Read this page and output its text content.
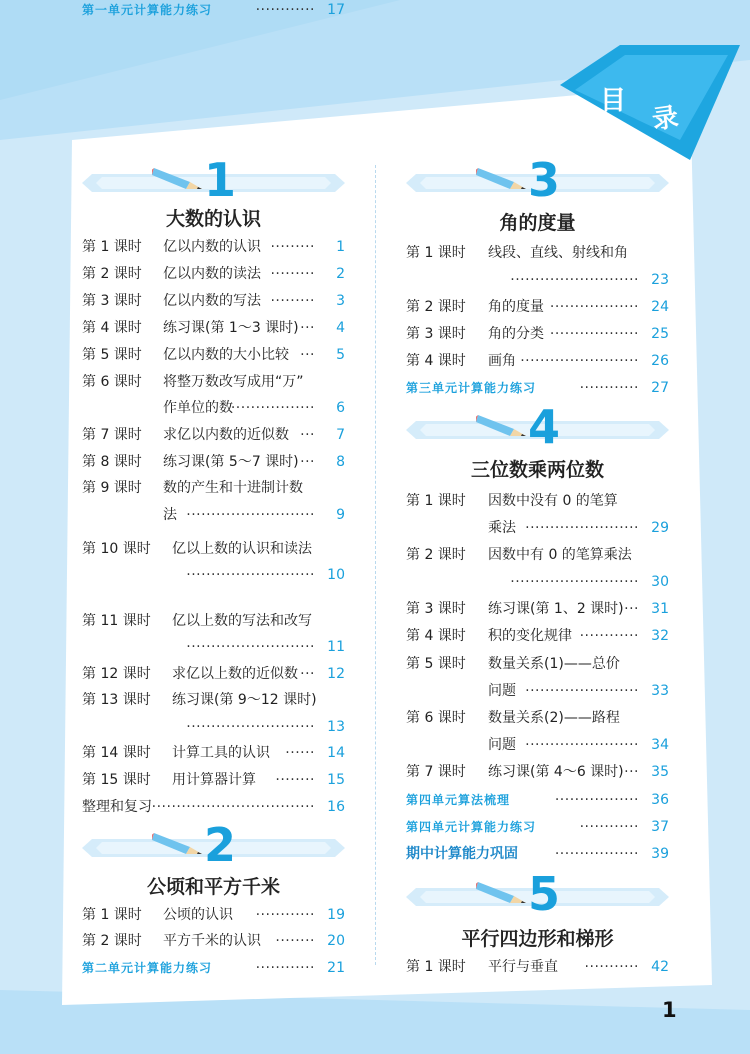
目
录
1
大数的认识
第 1 课时 亿以内数的认识 ·········	1
第 2 课时 亿以内数的读法 ·········	2
第 3 课时 亿以内数的写法 ·········	3
第 4 课时 练习课(第 1～3 课时) ···	4
第 5 课时 亿以内数的大小比较 ···	5
第 6 课时 将整万数改写成用“万”
作单位的数
·················	6
第 7 课时 求亿以内数的近似数 ···	7
第 8 课时 练习课(第 5～7 课时) ···	8
第 9 课时 数的产生和十进制计数
法 ··························	9
第 10 课时 亿以上数的认识和读法
·························· 10
第 11 课时 亿以上数的写法和改写
·························· 11
第 12 课时 求亿以上数的近似数 ··· 12
第 13 课时 练习课(第 9～12 课时)
·························· 13
第 14 课时 计算工具的认识 ······ 14
第 15 课时 用计算器计算 ········ 15
整理和复习 ································· 16
第一单元计算能力练习	············ 17
2
公顷和平方千米
第 1 课时 公顷的认识 ············ 19
第 2 课时 平方千米的认识 ········ 20
第二单元计算能力练习	············ 21
3
角的度量
第 1 课时 线段、直线、射线和角
·························· 23
第 2 课时 角的度量 ·················· 24
第 3 课时 角的分类 ·················· 25
第 4 课时 画角 ························ 26
第三单元计算能力练习	············ 27
4
三位数乘两位数
第 1 课时 因数中没有 0 的笔算
乘法 ······················· 29
第 2 课时 因数中有 0 的笔算乘法
·························· 30
第 3 课时 练习课(第 1、2 课时) ··· 31
第 4 课时 积的变化规律 ············ 32
第 5 课时 数量关系(1)——总价
问题 ······················· 33
第 6 课时 数量关系(2)——路程
问题 ······················· 34
第 7 课时 练习课(第 4～6 课时) ··· 35
第四单元算法梳理	················· 36
第四单元计算能力练习	············ 37
期中计算能力巩固	················· 39
5
平行四边形和梯形
第 1 课时 平行与垂直 ··········· 42
1
